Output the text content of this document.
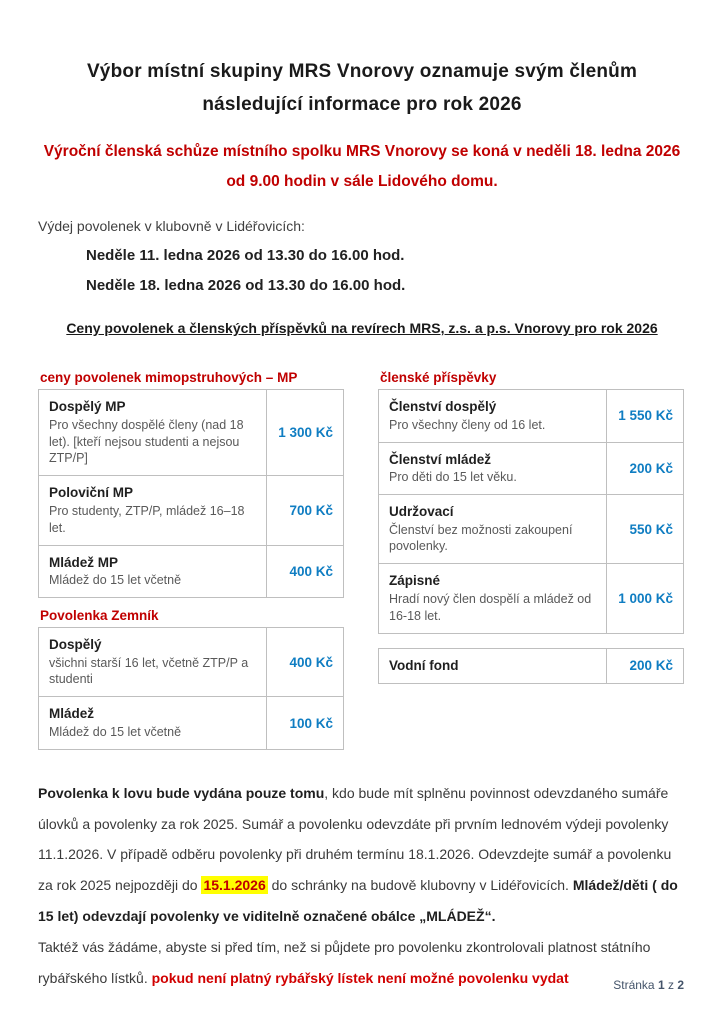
Výbor místní skupiny MRS Vnorovy oznamuje svým členům
následující informace pro rok 2026
Výroční členská schůze místního spolku MRS Vnorovy se koná v neděli 18. ledna 2026
od 9.00 hodin v sále Lidového domu.
Výdej povolenek v klubovně v Lidéřovicích:
Neděle 11. ledna 2026 od 13.30 do 16.00 hod.
Neděle 18. ledna 2026 od 13.30 do 16.00 hod.
Ceny povolenek a členských příspěvků na revírech MRS, z.s. a p.s. Vnorovy pro rok 2026
ceny povolenek mimopstruhových – MP
Dospělý MP
Pro všechny dospělé členy (nad 18 let). [kteří nejsou studenti a nejsou ZTP/P]
1 300 Kč
Poloviční MP
Pro studenty, ZTP/P, mládež 16–18 let.
700 Kč
Mládež MP
Mládež do 15 let včetně
400 Kč
Povolenka Zemník
Dospělý
všichni starší 16 let, včetně ZTP/P a studenti
400 Kč
Mládež
Mládež do 15 let včetně
100 Kč
členské příspěvky
Členství dospělý
Pro všechny členy od 16 let.
1 550 Kč
Členství mládež
Pro děti do 15 let věku.
200 Kč
Udržovací
Členství bez možnosti zakoupení povolenky.
550 Kč
Zápisné
Hradí nový člen dospělí a mládež od 16-18 let.
1 000 Kč
Vodní fond	200 Kč

Povolenka k lovu bude vydána pouze tomu, kdo bude mít splněnu povinnost odevzdaného sumáře úlovků a povolenky za rok 2025. Sumář a povolenku odevzdáte při prvním lednovém výdeji povolenky 11.1.2026. V případě odběru povolenky při druhém termínu 18.1.2026. Odevzdejte sumář a povolenku za rok 2025 nejpozději do 15.1.2026 do schránky na budově klubovny v Lidéřovicích. Mládež/děti ( do 15 let) odevzdají povolenky ve viditelně označené obálce „MLÁDEŽ“.

Taktéž vás žádáme, abyste si před tím, než si půjdete pro povolenku zkontrolovali platnost státního rybářského lístků. pokud není platný rybářský lístek není možné povolenku vydat	Stránka 1 z 2
